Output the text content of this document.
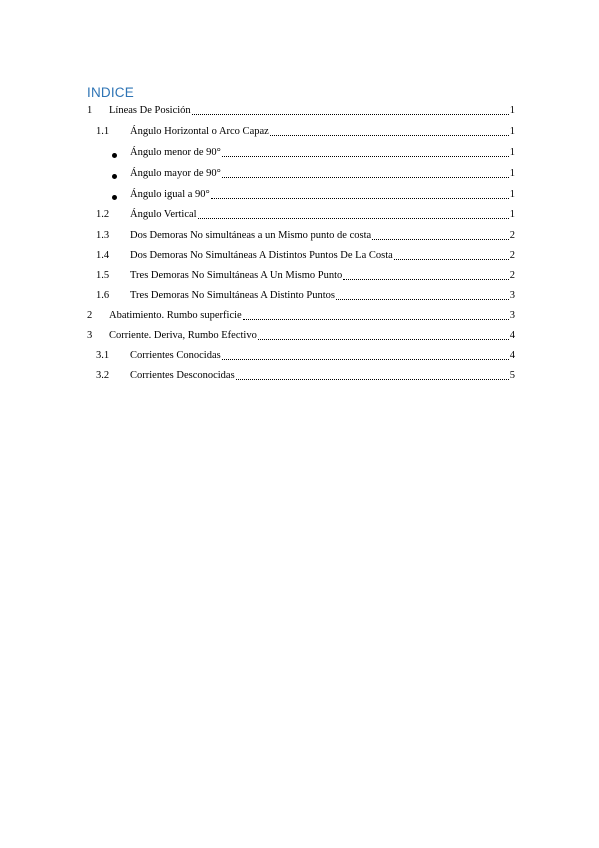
INDICE
1 Líneas De Posición	1
1.1 Ángulo Horizontal o Arco Capaz	1
Ángulo menor de 90°	1
Ángulo mayor de 90°	1
Ángulo igual a 90°	1
1.2 Ángulo Vertical	1
1.3 Dos Demoras No simultáneas a un Mismo punto de costa	2
1.4 Dos Demoras No Simultáneas A Distintos Puntos De La Costa	2
1.5 Tres Demoras No Simultáneas A Un Mismo Punto	2
1.6 Tres Demoras No Simultáneas A Distinto Puntos	3
2 Abatimiento. Rumbo superficie	3
3 Corriente. Deriva, Rumbo Efectivo	4
3.1 Corrientes Conocidas	4
3.2 Corrientes Desconocidas	5
